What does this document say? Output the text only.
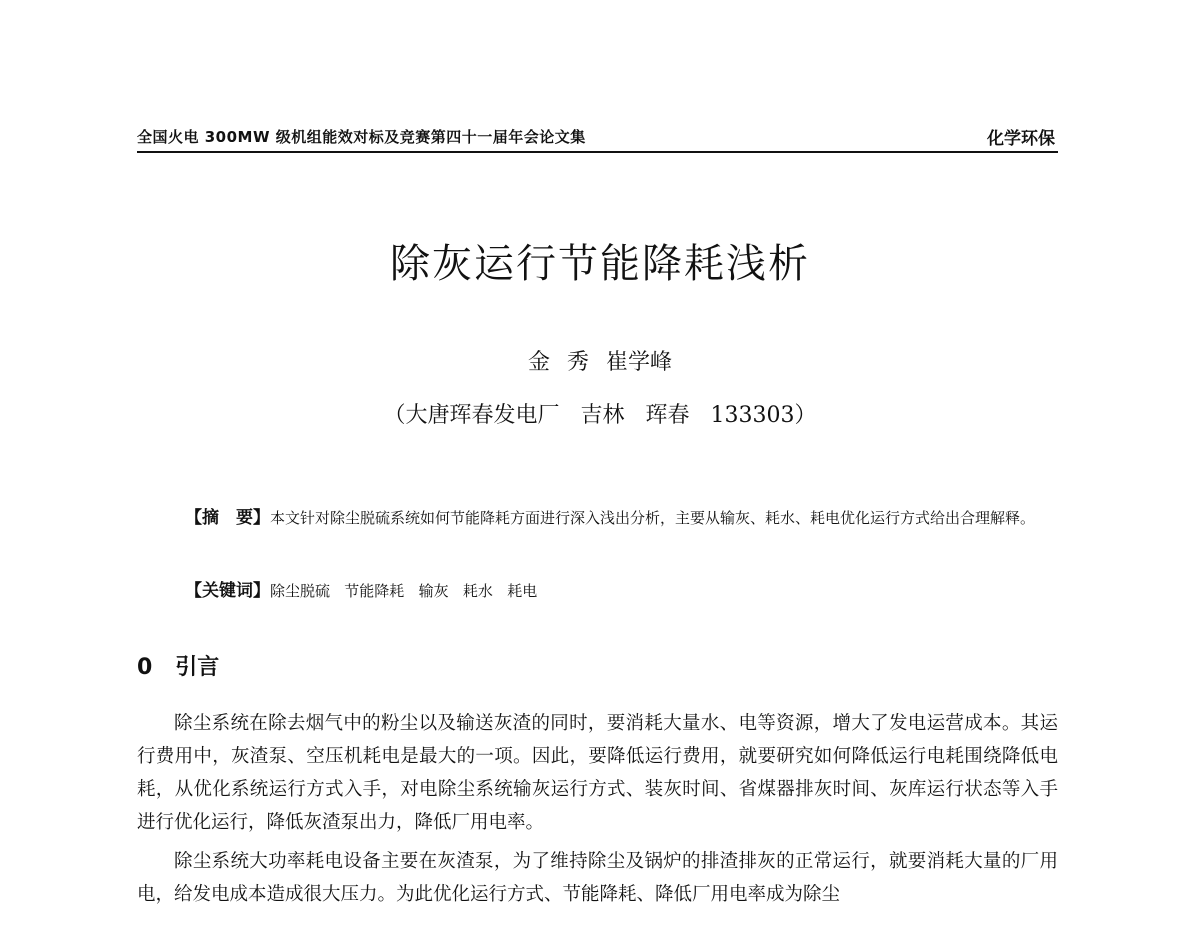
全国火电 300MW 级机组能效对标及竞赛第四十一届年会论文集	化学环保
除灰运行节能降耗浅析
金 秀 崔学峰
（大唐珲春发电厂   吉林   珲春   133303）
【摘　要】本文针对除尘脱硫系统如何节能降耗方面进行深入浅出分析，主要从输灰、耗水、耗电优化运行方式给出合理解释。
【关键词】除尘脱硫   节能降耗   输灰   耗水   耗电
0 引言

除尘系统在除去烟气中的粉尘以及输送灰渣的同时，要消耗大量水、电等资源，增大了发电运营成本。其运行费用中，灰渣泵、空压机耗电是最大的一项。因此，要降低运行费用，就要研究如何降低运行电耗围绕降低电耗，从优化系统运行方式入手，对电除尘系统输灰运行方式、装灰时间、省煤器排灰时间、灰库运行状态等入手进行优化运行，降低灰渣泵出力，降低厂用电率。

除尘系统大功率耗电设备主要在灰渣泵，为了维持除尘及锅炉的排渣排灰的正常运行，就要消耗大量的厂用电，给发电成本造成很大压力。为此优化运行方式、节能降耗、降低厂用电率成为除尘
